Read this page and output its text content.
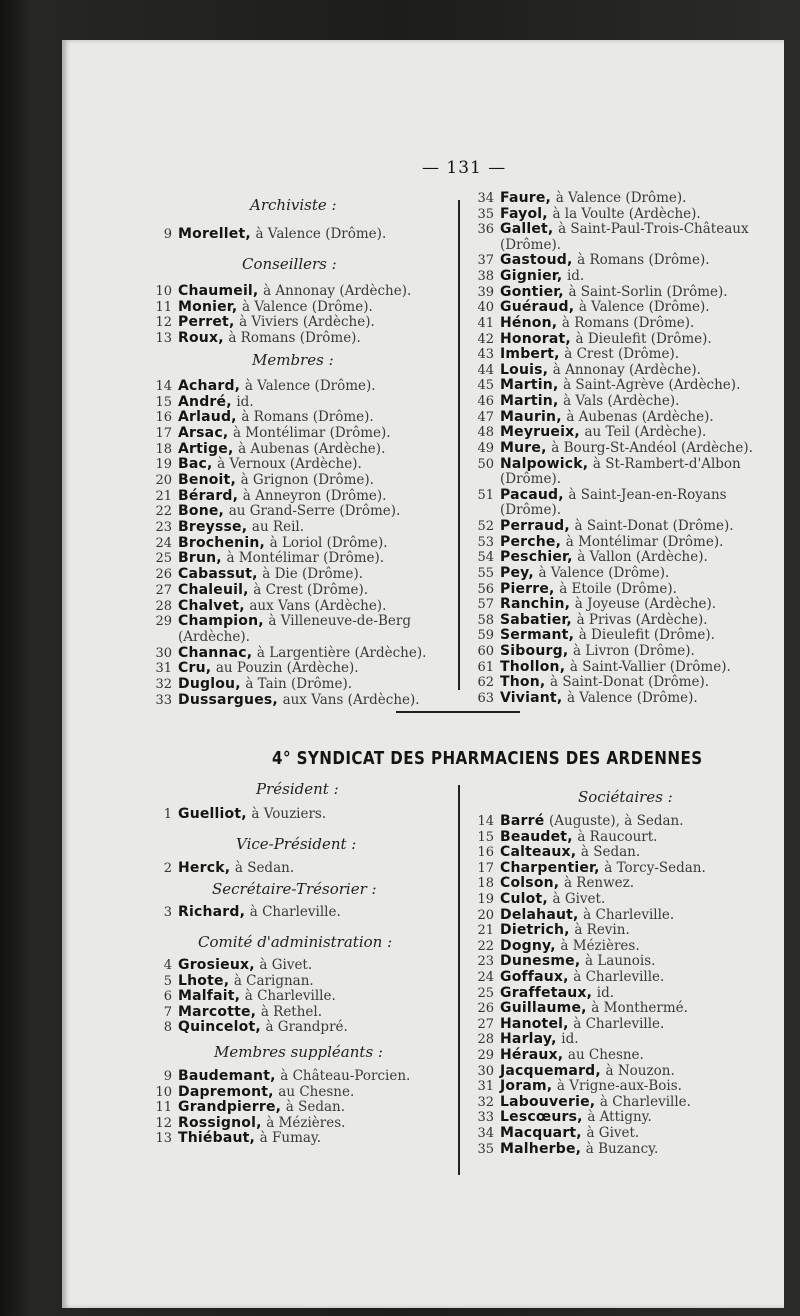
— 131 —
Archiviste :
9 Morellet, à Valence (Drôme).
Conseillers :
10 Chaumeil, à Annonay (Ardèche).
11 Monier, à Valence (Drôme).
12 Perret, à Viviers (Ardèche).
13 Roux, à Romans (Drôme).
Membres :
14 Achard, à Valence (Drôme).
15 André, id.
16 Arlaud, à Romans (Drôme).
17 Arsac, à Montélimar (Drôme).
18 Artige, à Aubenas (Ardèche).
19 Bac, à Vernoux (Ardèche).
20 Benoit, à Grignon (Drôme).
21 Bérard, à Anneyron (Drôme).
22 Bone, au Grand-Serre (Drôme).
23 Breysse, au Reil.
24 Brochenin, à Loriol (Drôme).
25 Brun, à Montélimar (Drôme).
26 Cabassut, à Die (Drôme).
27 Chaleuil, à Crest (Drôme).
28 Chalvet, aux Vans (Ardèche).
29 Champion, à Villeneuve-de-Berg
(Ardèche).
30 Channac, à Largentière (Ardèche).
31 Cru, au Pouzin (Ardèche).
32 Duglou, à Tain (Drôme).
33 Dussargues, aux Vans (Ardèche).
34 Faure, à Valence (Drôme).
35 Fayol, à la Voulte (Ardèche).
36 Gallet, à Saint-Paul-Trois-Châteaux
(Drôme).
37 Gastoud, à Romans (Drôme).
38 Gignier, id.
39 Gontier, à Saint-Sorlin (Drôme).
40 Guéraud, à Valence (Drôme).
41 Hénon, à Romans (Drôme).
42 Honorat, à Dieulefit (Drôme).
43 Imbert, à Crest (Drôme).
44 Louis, à Annonay (Ardèche).
45 Martin, à Saint-Agrève (Ardèche).
46 Martin, à Vals (Ardèche).
47 Maurin, à Aubenas (Ardèche).
48 Meyrueix, au Teil (Ardèche).
49 Mure, à Bourg-St-Andéol (Ardèche).
50 Nalpowick, à St-Rambert-d'Albon
(Drôme).
51 Pacaud, à Saint-Jean-en-Royans
(Drôme).
52 Perraud, à Saint-Donat (Drôme).
53 Perche, à Montélimar (Drôme).
54 Peschier, à Vallon (Ardèche).
55 Pey, à Valence (Drôme).
56 Pierre, à Etoile (Drôme).
57 Ranchin, à Joyeuse (Ardèche).
58 Sabatier, à Privas (Ardèche).
59 Sermant, à Dieulefit (Drôme).
60 Sibourg, à Livron (Drôme).
61 Thollon, à Saint-Vallier (Drôme).
62 Thon, à Saint-Donat (Drôme).
63 Viviant, à Valence (Drôme).
4° SYNDICAT DES PHARMACIENS DES ARDENNES
Président :
1 Guelliot, à Vouziers.
Vice-Président :
2 Herck, à Sedan.
Secrétaire-Trésorier :
3 Richard, à Charleville.
Comité d'administration :
4 Grosieux, à Givet.
5 Lhote, à Carignan.
6 Malfait, à Charleville.
7 Marcotte, à Rethel.
8 Quincelot, à Grandpré.
Membres suppléants :
9 Baudemant, à Château-Porcien.
10 Dapremont, au Chesne.
11 Grandpierre, à Sedan.
12 Rossignol, à Mézières.
13 Thiébaut, à Fumay.
Sociétaires :
14 Barré (Auguste), à Sedan.
15 Beaudet, à Raucourt.
16 Calteaux, à Sedan.
17 Charpentier, à Torcy-Sedan.
18 Colson, à Renwez.
19 Culot, à Givet.
20 Delahaut, à Charleville.
21 Dietrich, à Revin.
22 Dogny, à Mézières.
23 Dunesme, à Launois.
24 Goffaux, à Charleville.
25 Graffetaux, id.
26 Guillaume, à Monthermé.
27 Hanotel, à Charleville.
28 Harlay, id.
29 Héraux, au Chesne.
30 Jacquemard, à Nouzon.
31 Joram, à Vrigne-aux-Bois.
32 Labouverie, à Charleville.
33 Lescœurs, à Attigny.
34 Macquart, à Givet.
35 Malherbe, à Buzancy.
